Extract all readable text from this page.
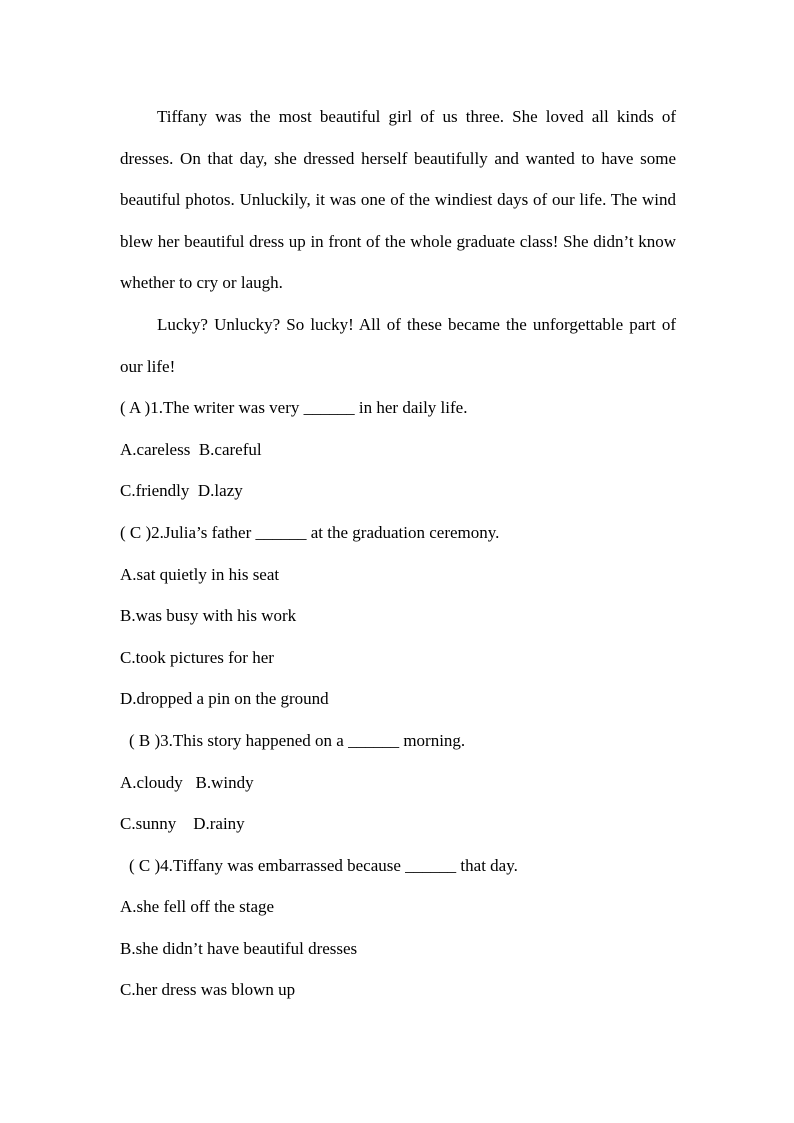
Tiffany was the most beautiful girl of us three. She loved all kinds of dresses. On that day, she dressed herself beautifully and wanted to have some beautiful photos. Unluckily, it was one of the windiest days of our life. The wind blew her beautiful dress up in front of the whole graduate class! She didn’t know whether to cry or laugh.

Lucky? Unlucky? So lucky! All of these became the unforgettable part of our life!

( A )1.The writer was very ______ in her daily life.

A.careless  B.careful

C.friendly  D.lazy

( C )2.Julia’s father ______ at the graduation ceremony.

A.sat quietly in his seat

B.was busy with his work

C.took pictures for her

D.dropped a pin on the ground

( B )3.This story happened on a ______ morning.

A.cloudy   B.windy

C.sunny    D.rainy

( C )4.Tiffany was embarrassed because ______ that day.

A.she fell off the stage

B.she didn’t have beautiful dresses

C.her dress was blown up
